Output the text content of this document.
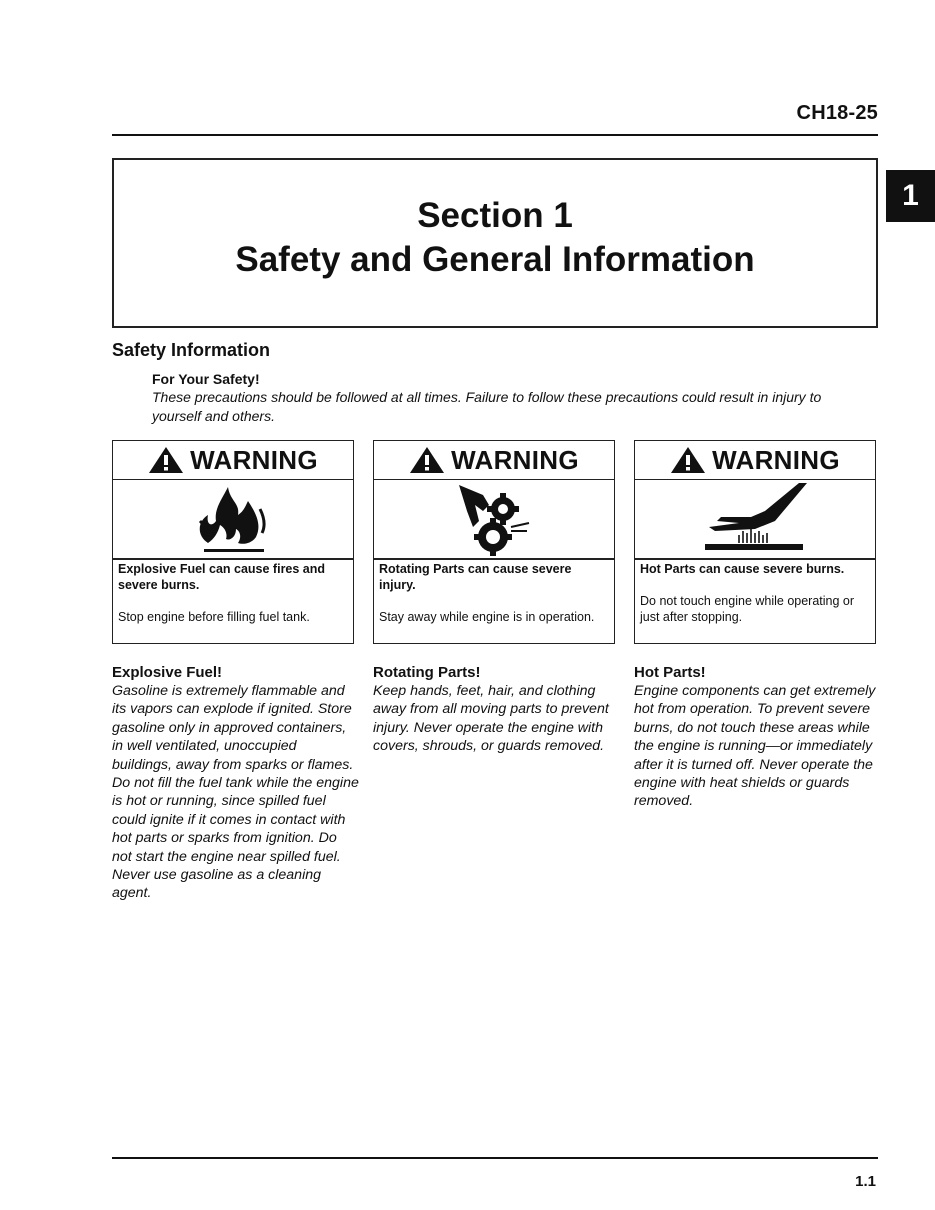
CH18-25
1
Section 1
Safety and General Information
Safety Information
For Your Safety!
These precautions should be followed at all times. Failure to follow these precautions could result in injury to yourself and others.
WARNING
Explosive Fuel can cause fires and severe burns.
Stop engine before filling fuel tank.
WARNING
Rotating Parts can cause severe injury.
Stay away while engine is in operation.
WARNING
Hot Parts can cause severe burns.
Do not touch engine while operating or just after stopping.
Explosive Fuel!
Gasoline is extremely flammable and its vapors can explode if ignited. Store gasoline only in approved containers, in well ventilated, unoccupied buildings, away from sparks or flames. Do not fill the fuel tank while the engine is hot or running, since spilled fuel could ignite if it comes in contact with hot parts or sparks from ignition. Do not start the engine near spilled fuel. Never use gasoline as a cleaning agent.
Rotating Parts!
Keep hands, feet, hair, and clothing away from all moving parts to prevent injury. Never operate the engine with covers, shrouds, or guards removed.
Hot Parts!
Engine components can get extremely hot from operation. To prevent severe burns, do not touch these areas while the engine is running—or immediately after it is turned off. Never operate the engine with heat shields or guards removed.
1.1
